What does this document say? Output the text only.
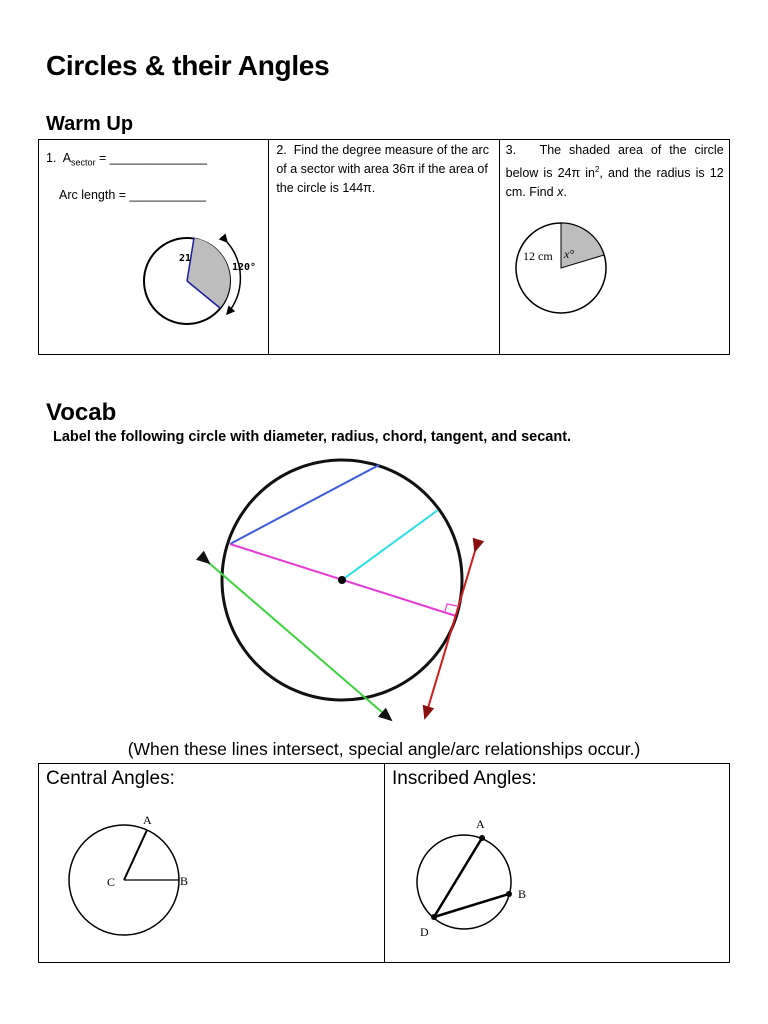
Circles & their Angles
Warm Up
1. $A_{sector}$ = ______________
Arc length = ___________
21
120°
2. Find the degree measure of the arc of a sector with area 36π if the area of the circle is 144π.
3. The shaded area of the circle below is 24π $in^2$, and the radius is 12 cm. Find x.
12 cm x°
Vocab
Label the following circle with diameter, radius, chord, tangent, and secant.
(When these lines intersect, special angle/arc relationships occur.)
Central Angles:
A
B
C
Inscribed Angles:
A
B
D
